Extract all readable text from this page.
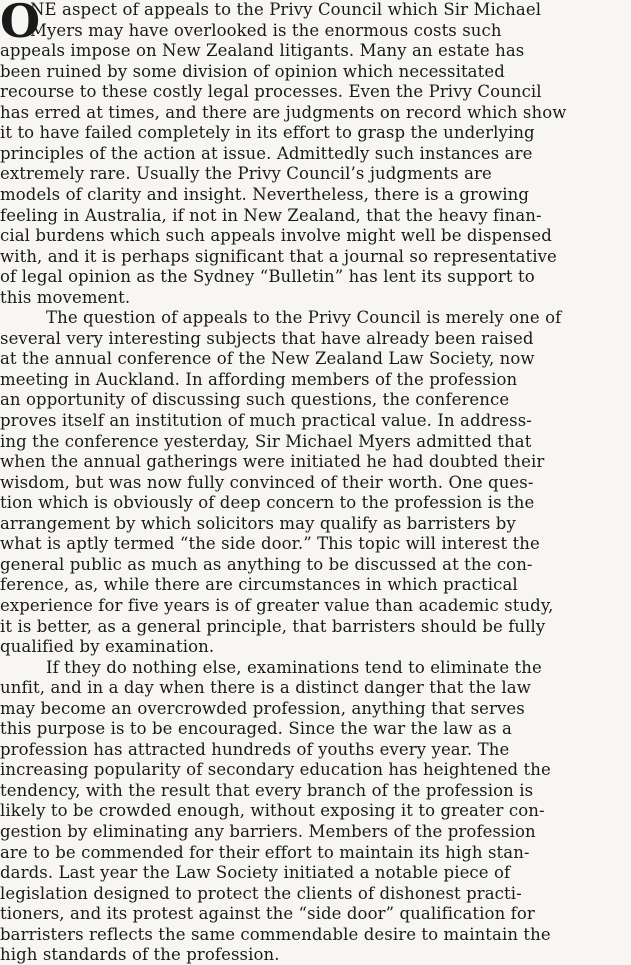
O
NE aspect of appeals to the Privy Council which Sir Michael
Myers may have overlooked is the enormous costs such
appeals impose on New Zealand litigants. Many an estate has
been ruined by some division of opinion which necessitated
recourse to these costly legal processes. Even the Privy Council
has erred at times, and there are judgments on record which show
it to have failed completely in its effort to grasp the underlying
principles of the action at issue. Admittedly such instances are
extremely rare. Usually the Privy Council’s judgments are
models of clarity and insight. Nevertheless, there is a growing
feeling in Australia, if not in New Zealand, that the heavy finan-
cial burdens which such appeals involve might well be dispensed
with, and it is perhaps significant that a journal so representative
of legal opinion as the Sydney “Bulletin” has lent its support to
this movement.
The question of appeals to the Privy Council is merely one of
several very interesting subjects that have already been raised
at the annual conference of the New Zealand Law Society, now
meeting in Auckland. In affording members of the profession
an opportunity of discussing such questions, the conference
proves itself an institution of much practical value. In address-
ing the conference yesterday, Sir Michael Myers admitted that
when the annual gatherings were initiated he had doubted their
wisdom, but was now fully convinced of their worth. One ques-
tion which is obviously of deep concern to the profession is the
arrangement by which solicitors may qualify as barristers by
what is aptly termed “the side door.” This topic will interest the
general public as much as anything to be discussed at the con-
ference, as, while there are circumstances in which practical
experience for five years is of greater value than academic study,
it is better, as a general principle, that barristers should be fully
qualified by examination.
If they do nothing else, examinations tend to eliminate the
unfit, and in a day when there is a distinct danger that the law
may become an overcrowded profession, anything that serves
this purpose is to be encouraged. Since the war the law as a
profession has attracted hundreds of youths every year. The
increasing popularity of secondary education has heightened the
tendency, with the result that every branch of the profession is
likely to be crowded enough, without exposing it to greater con-
gestion by eliminating any barriers. Members of the profession
are to be commended for their effort to maintain its high stan-
dards. Last year the Law Society initiated a notable piece of
legislation designed to protect the clients of dishonest practi-
tioners, and its protest against the “side door” qualification for
barristers reflects the same commendable desire to maintain the
high standards of the profession.
